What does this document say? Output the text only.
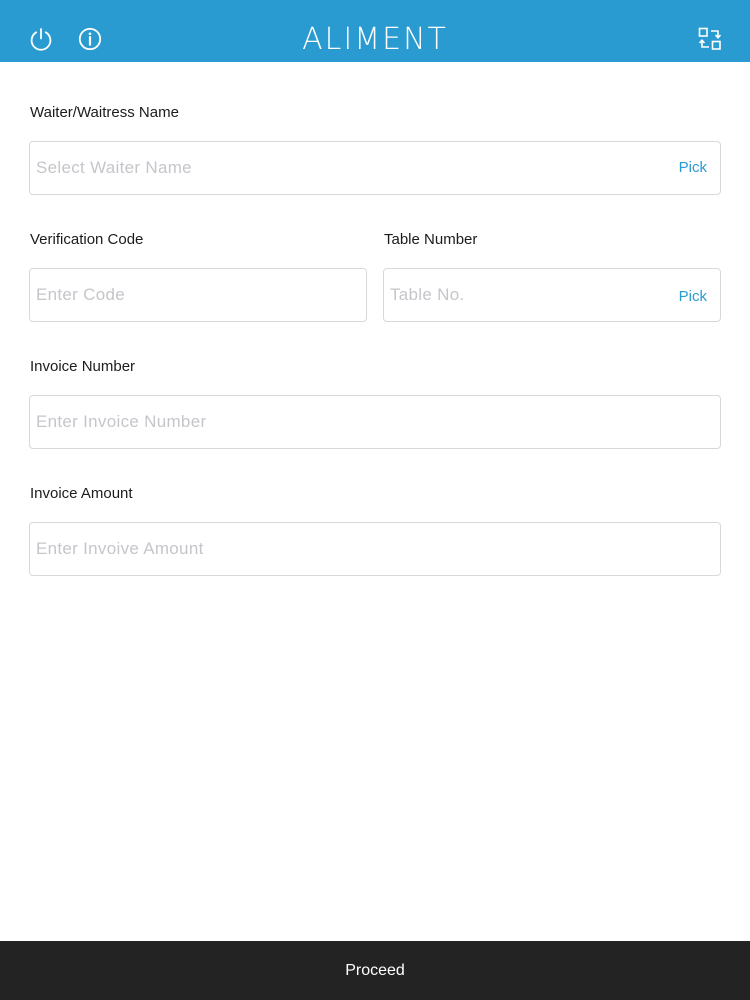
ALIMENT
Waiter/Waitress Name
Select Waiter Name
Pick
Verification Code
Enter Code	Table Number
Table No.
Pick
Invoice Number
Enter Invoice Number
Invoice Amount
Enter Invoive Amount
Proceed
